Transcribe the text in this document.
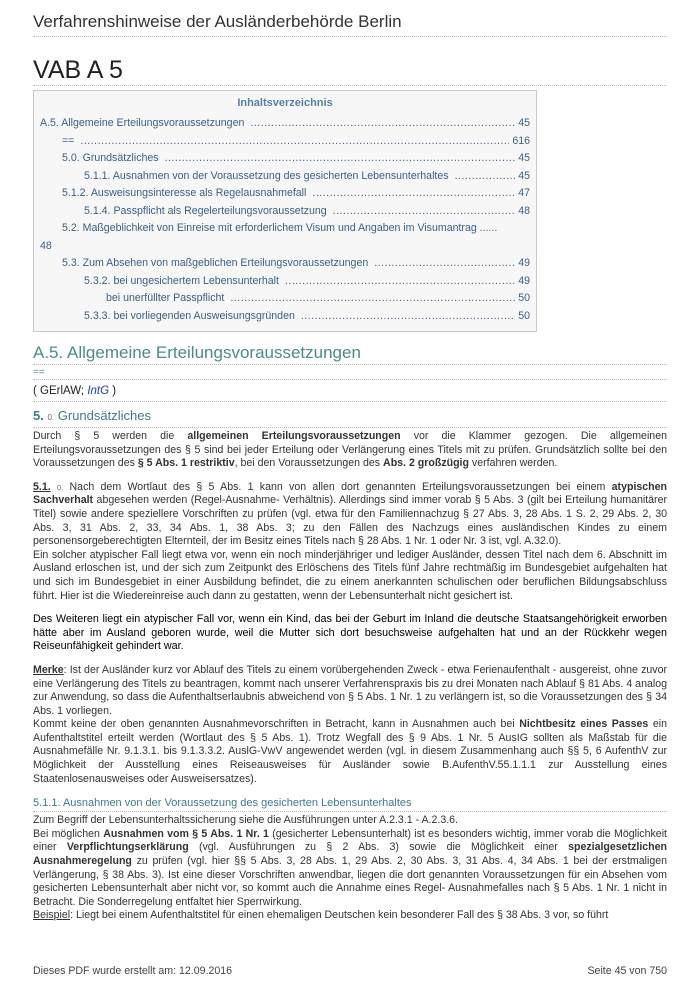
Verfahrenshinweise der Ausländerbehörde Berlin
VAB A 5
Inhaltsverzeichnis
A.5. Allgemeine Erteilungsvoraussetzungen .....	45
== .....	616
5.0. Grundsätzliches .....	45
5.1.1. Ausnahmen von der Voraussetzung des gesicherten Lebensunterhaltes .....	45
5.1.2. Ausweisungsinteresse als Regelausnahmefall .....	47
5.1.4. Passpflicht als Regelerteilungsvoraussetzung .....	48
5.2. Maßgeblichkeit von Einreise mit erforderlichem Visum und Angaben im Visumantrag ......
48
5.3. Zum Absehen von maßgeblichen Erteilungsvoraussetzungen .....	49
5.3.2. bei ungesichertem Lebensunterhalt .....	49
bei unerfüllter Passpflicht .....	50
5.3.3. bei vorliegenden Ausweisungsgründen .....	50
A.5. Allgemeine Erteilungsvoraussetzungen
==
( GErlAW; IntG )
5. 0. Grundsätzliches

Durch § 5 werden die allgemeinen Erteilungsvoraussetzungen vor die Klammer gezogen. Die allgemeinen Erteilungsvoraussetzungen des § 5 sind bei jeder Erteilung oder Verlängerung eines Titels mit zu prüfen. Grundsätzlich sollte bei den Voraussetzungen des § 5 Abs. 1 restriktiv, bei den Voraussetzungen des Abs. 2 großzügig verfahren werden.

5.1. 0. Nach dem Wortlaut des § 5 Abs. 1 kann von allen dort genannten Erteilungsvoraussetzungen bei einem atypischen Sachverhalt abgesehen werden (Regel-Ausnahme- Verhältnis). Allerdings sind immer vorab § 5 Abs. 3 (gilt bei Erteilung humanitärer Titel) sowie andere speziellere Vorschriften zu prüfen (vgl. etwa für den Familiennachzug § 27 Abs. 3, 28 Abs. 1 S. 2, 29 Abs. 2, 30 Abs. 3, 31 Abs. 2, 33, 34 Abs. 1, 38 Abs. 3; zu den Fällen des Nachzugs eines ausländischen Kindes zu einem personensorgeberechtigten Elternteil, der im Besitz eines Titels nach § 28 Abs. 1 Nr. 1 oder Nr. 3 ist, vgl. A.32.0).

Ein solcher atypischer Fall liegt etwa vor, wenn ein noch minderjähriger und lediger Ausländer, dessen Titel nach dem 6. Abschnitt im Ausland erloschen ist, und der sich zum Zeitpunkt des Erlöschens des Titels fünf Jahre rechtmäßig im Bundesgebiet aufgehalten hat und sich im Bundesgebiet in einer Ausbildung befindet, die zu einem anerkannten schulischen oder beruflichen Bildungsabschluss führt. Hier ist die Wiedereinreise auch dann zu gestatten, wenn der Lebensunterhalt nicht gesichert ist.

Des Weiteren liegt ein atypischer Fall vor, wenn ein Kind, das bei der Geburt im Inland die deutsche Staatsangehörigkeit erworben hätte aber im Ausland geboren wurde, weil die Mutter sich dort besuchsweise aufgehalten hat und an der Rückkehr wegen Reiseunfähigkeit gehindert war.

Merke: Ist der Ausländer kurz vor Ablauf des Titels zu einem vorübergehenden Zweck - etwa Ferienaufenthalt - ausgereist, ohne zuvor eine Verlängerung des Titels zu beantragen, kommt nach unserer Verfahrenspraxis bis zu drei Monaten nach Ablauf § 81 Abs. 4 analog zur Anwendung, so dass die Aufenthaltserlaubnis abweichend von § 5 Abs. 1 Nr. 1 zu verlängern ist, so die Voraussetzungen des § 34 Abs. 1 vorliegen.

Kommt keine der oben genannten Ausnahmevorschriften in Betracht, kann in Ausnahmen auch bei Nichtbesitz eines Passes ein Aufenthaltstitel erteilt werden (Wortlaut des § 5 Abs. 1). Trotz Wegfall des § 9 Abs. 1 Nr. 5 AusIG sollten als Maßstab für die Ausnahmefälle Nr. 9.1.3.1. bis 9.1.3.3.2. AuslG-VwV angewendet werden (vgl. in diesem Zusammenhang auch §§ 5, 6 AufenthV zur Möglichkeit der Ausstellung eines Reiseausweises für Ausländer sowie B.AufenthV.55.1.1.1 zur Ausstellung eines Staatenlosenausweises oder Ausweisersatzes).

5.1.1. Ausnahmen von der Voraussetzung des gesicherten Lebensunterhaltes

Zum Begriff der Lebensunterhaltssicherung siehe die Ausführungen unter A.2.3.1 - A.2.3.6.

Bei möglichen Ausnahmen vom § 5 Abs. 1 Nr. 1 (gesicherter Lebensunterhalt) ist es besonders wichtig, immer vorab die Möglichkeit einer Verpflichtungserklärung (vgl. Ausführungen zu § 2 Abs. 3) sowie die Möglichkeit einer spezialgesetzlichen Ausnahmeregelung zu prüfen (vgl. hier §§ 5 Abs. 3, 28 Abs. 1, 29 Abs. 2, 30 Abs. 3, 31 Abs. 4, 34 Abs. 1 bei der erstmaligen Verlängerung, § 38 Abs. 3). Ist eine dieser Vorschriften anwendbar, liegen die dort genannten Voraussetzungen für ein Absehen vom gesicherten Lebensunterhalt aber nicht vor, so kommt auch die Annahme eines Regel- Ausnahmefalles nach § 5 Abs. 1 Nr. 1 nicht in Betracht. Die Sonderregelung entfaltet hier Sperrwirkung.

Beispiel: Liegt bei einem Aufenthaltstitel für einen ehemaligen Deutschen kein besonderer Fall des § 38 Abs. 3 vor, so führt

Dieses PDF wurde erstellt am: 12.09.2016	Seite 45 von 750
